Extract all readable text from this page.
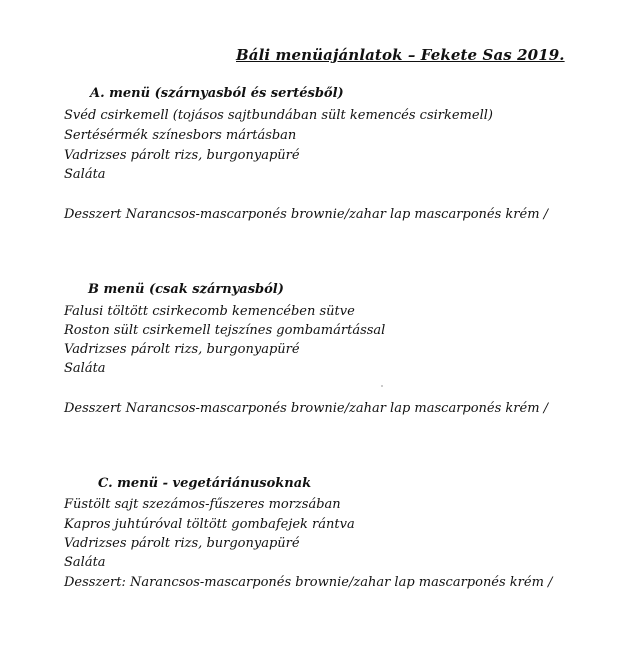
Báli menüajánlatok – Fekete Sas 2019.
A. menü (szárnyasból és sertésből)
Svéd csirkemell (tojásos sajtbundában sült kemencés csirkemell)
Sertésérmék színesbors mártásban
Vadrizses párolt rizs, burgonyapüré
Saláta
Desszert Narancsos-mascarponés brownie/zahar lap mascarponés krém /
B menü (csak szárnyasból)
Falusi töltött csirkecomb kemencében sütve
Roston sült csirkemell tejszínes gombamártással
Vadrizses párolt rizs, burgonyapüré
Saláta
Desszert Narancsos-mascarponés brownie/zahar lap mascarponés krém /
C. menü - vegetáriánusoknak
Füstölt sajt szezámos-fűszeres morzsában
Kapros juhtúróval töltött gombafejek rántva
Vadrizses párolt rizs, burgonyapüré
Saláta
Desszert: Narancsos-mascarponés brownie/zahar lap mascarponés krém /
